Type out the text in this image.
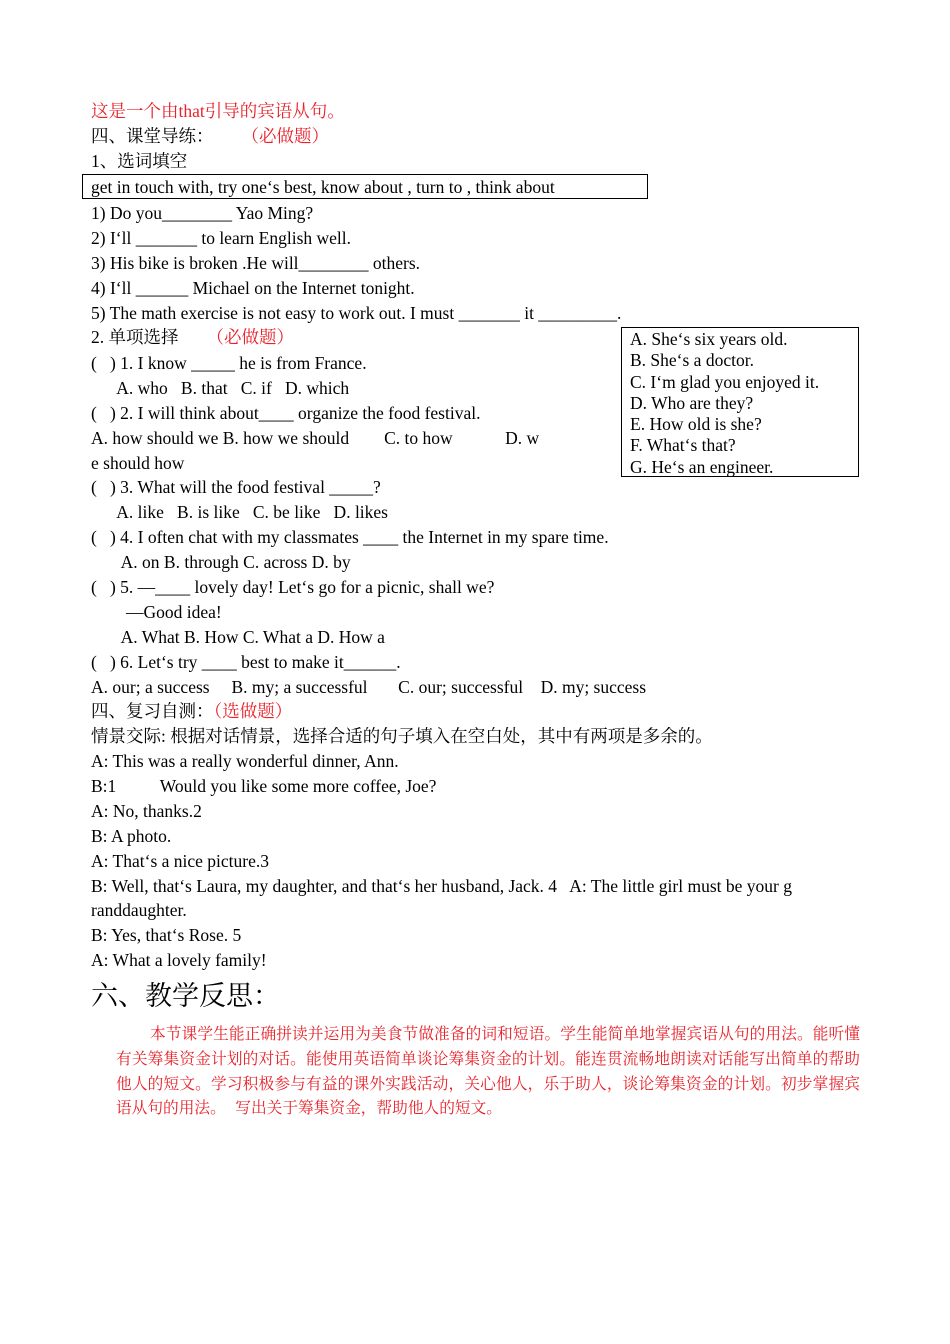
这是一个由that引导的宾语从句。
四、课堂导练： （必做题）
1、选词填空
get in touch with, try one‘s best, know about , turn to , think about
1) Do you________ Yao Ming?
2) I‘ll _______ to learn English well.
3) His bike is broken .He will________ others.
4) I‘ll ______ Michael on the Internet tonight.
5) The math exercise is not easy to work out. I must _______ it _________.
2. 单项选择 （必做题）
(   ) 1. I know _____ he is from France.
A. who   B. that   C. if   D. which
(   ) 2. I will think about____ organize the food festival.
A. how should we B. how we should        C. to how            D. w
e should how
(   ) 3. What will the food festival _____?
A. like   B. is like   C. be like   D. likes
(   ) 4. I often chat with my classmates ____ the Internet in my spare time.
A. on B. through C. across D. by
(   ) 5. —____ lovely day! Let‘s go for a picnic, shall we?
—Good idea!
A. What B. How C. What a D. How a
(   ) 6. Let‘s try ____ best to make it______.
A. our; a success     B. my; a successful       C. our; successful    D. my; success
A. She‘s six years old.
B. She‘s a doctor.
C. I‘m glad you enjoyed it.
D. Who are they?
E. How old is she?
F. What‘s that?
G. He‘s an engineer.
四、复习自测：（选做题）
情景交际: 根据对话情景，选择合适的句子填入在空白处，其中有两项是多余的。
A: This was a really wonderful dinner, Ann.
B:1          Would you like some more coffee, Joe?
A: No, thanks.2
B: A photo.
A: That‘s a nice picture.3
B: Well, that‘s Laura, my daughter, and that‘s her husband, Jack. 4   A: The little girl must be your g
randdaughter.
B: Yes, that‘s Rose. 5
A: What a lovely family!
六、教学反思：
本节课学生能正确拼读并运用为美食节做准备的词和短语。学生能简单地掌握宾语从句的用法。能听懂有关筹集资金计划的对话。能使用英语简单谈论筹集资金的计划。能连贯流畅地朗读对话能写出简单的帮助他人的短文。学习积极参与有益的课外实践活动，关心他人，乐于助人，谈论筹集资金的计划。初步掌握宾语从句的用法。 写出关于筹集资金，帮助他人的短文。
